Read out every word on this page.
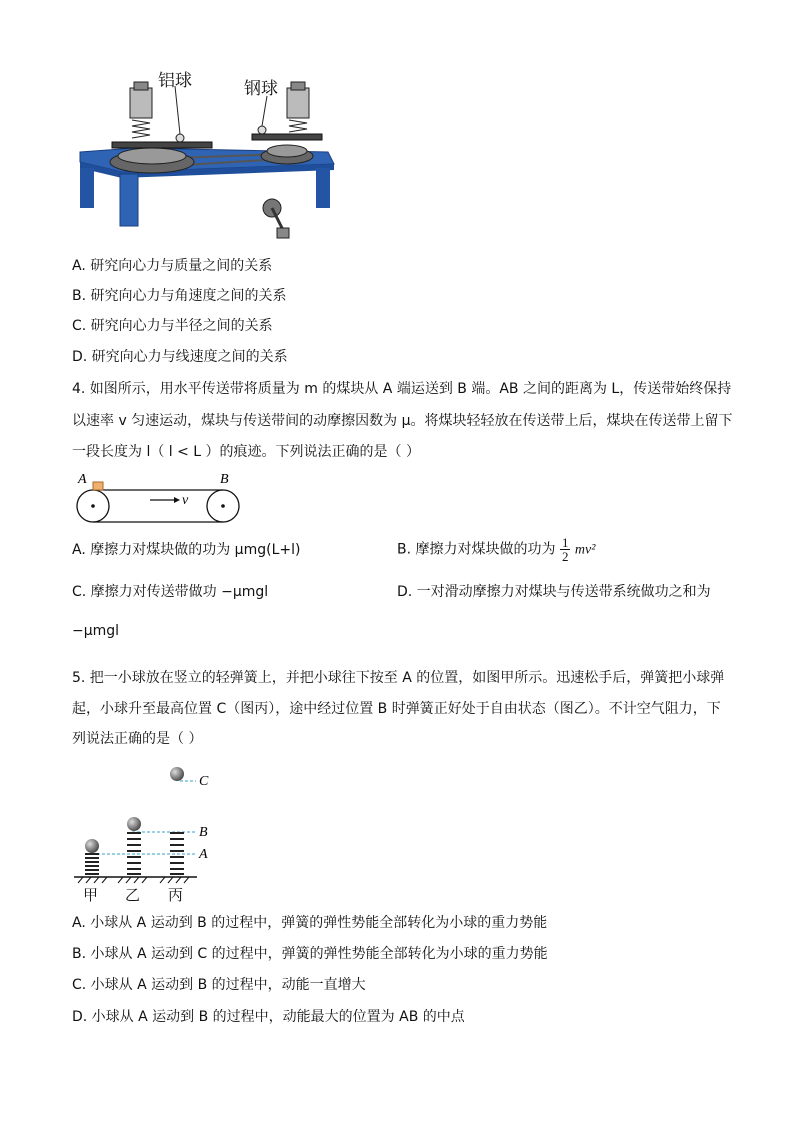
铝球	钢球
A. 研究向心力与质量之间的关系
B. 研究向心力与角速度之间的关系
C. 研究向心力与半径之间的关系
D. 研究向心力与线速度之间的关系
4. 如图所示，用水平传送带将质量为 m 的煤块从 A 端运送到 B 端。AB 之间的距离为 L，传送带始终保持
以速率 v 匀速运动，煤块与传送带间的动摩擦因数为 μ。将煤块轻轻放在传送带上后，煤块在传送带上留下
一段长度为 l（ l < L ）的痕迹。下列说法正确的是（ ）
A	B
v
A. 摩擦力对煤块做的功为 μmg(L+l)	B. 摩擦力对煤块做的功为 $\frac{1}{2} mv^2$
C. 摩擦力对传送带做功 −μmgl	D. 一对滑动摩擦力对煤块与传送带系统做功之和为
−μmgl
5. 把一小球放在竖立的轻弹簧上，并把小球往下按至 A 的位置，如图甲所示。迅速松手后，弹簧把小球弹
起，小球升至最高位置 C（图丙），途中经过位置 B 时弹簧正好处于自由状态（图乙）。不计空气阻力，下
列说法正确的是（ ）
C
B
A
甲 乙 丙
A. 小球从 A 运动到 B 的过程中，弹簧的弹性势能全部转化为小球的重力势能
B. 小球从 A 运动到 C 的过程中，弹簧的弹性势能全部转化为小球的重力势能
C. 小球从 A 运动到 B 的过程中，动能一直增大
D. 小球从 A 运动到 B 的过程中，动能最大的位置为 AB 的中点
